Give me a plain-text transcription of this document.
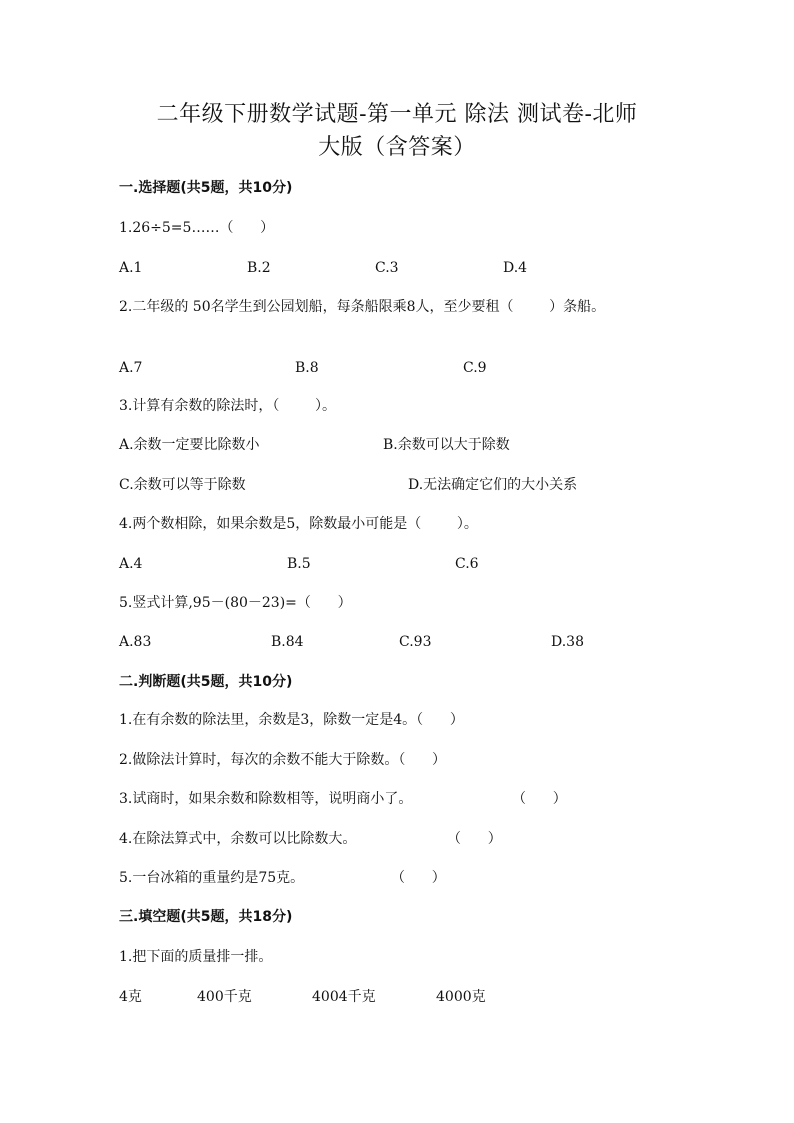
二年级下册数学试题-第一单元 除法 测试卷-北师
大版（含答案）
一.选择题(共5题，共10分)
1.26÷5=5……（      ）
A.1	B.2	C.3	D.4
2.二年级的 50名学生到公园划船，每条船限乘8人，至少要租（        ）条船。
A.7	B.8	C.9
3.计算有余数的除法时，（        ）。
A.余数一定要比除数小	B.余数可以大于除数
C.余数可以等于除数	D.无法确定它们的大小关系
4.两个数相除，如果余数是5，除数最小可能是（        ）。
A.4	B.5	C.6
5.竖式计算,95－(80－23)=（      ）
A.83	B.84	C.93	D.38
二.判断题(共5题，共10分)
1.在有余数的除法里，余数是3，除数一定是4。（      ）
2.做除法计算时，每次的余数不能大于除数。（      ）
3.试商时，如果余数和除数相等，说明商小了。	（      ）
4.在除法算式中，余数可以比除数大。	（      ）
5.一台冰箱的重量约是75克。	（      ）
三.填空题(共5题，共18分)
1.把下面的质量排一排。
4克	400千克	4004千克	4000克
